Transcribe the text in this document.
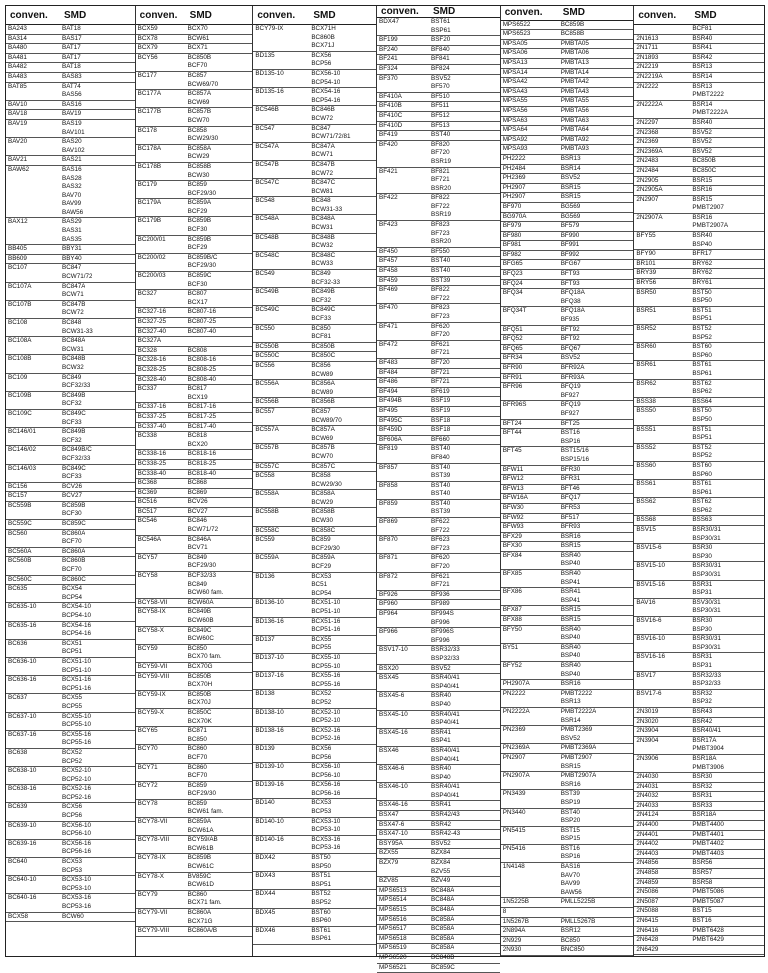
conven.	SMD
BA243	BAT18
BA314	BAS17
BA480	BAT17
BA481	BAT17
BA482	BAT18
BA483	BAS83
BAT85	BAT74
BAS56
BAV10	BAS16
BAV18	BAV19
BAV19	BAS19
BAV101
BAV20	BAS20
BAV102
BAV21	BAS21
BAW62	BAS16
BAS28
BAS32
BAV70
BAV99
BAW56
BAX12	BAS29
BAS31
BAS35
BB405	BBY31
BB609	BBY40
BC107	BC847
BCW71/72
BC107A	BC847A
BCW71
BC107B	BC847B
BCW72
BC108	BC848
BCW31-33
BC108A	BC848A
BCW31
BC108B	BC848B
BCW32
BC109	BC849
BCF32/33
BC109B	BC849B
BCF32
BC109C	BC849C
BCF33
BC146/01	BC849B
BCF32
BC146/02	BC849B/C
BCF32/33
BC146/03	BC849C
BCF33
BC156	BCV26
BC157	BCV27
BC559B	BC859B
BCF30
BC559C	BC859C
BC560	BC860A
BCF70
BC560A	BC860A
BC560B	BC860B
BCF70
BC560C	BC860C
BC635	BCX54
BCP54
BC635-10	BCX54-10
BCP54-10
BC635-16	BCX54-16
BCP54-16
BC636	BCX51
BCP51
BC636-10	BCX51-10
BCP51-10
BC636-16	BCX51-16
BCP51-16
BC637	BCX55
BCP55
BC637-10	BCX55-10
BCP55-10
BC637-16	BCX55-16
BCP55-16
BC638	BCX52
BCP52
BC638-10	BCX52-10
BCP52-10
BC638-16	BCX52-16
BCP52-16
BC639	BCX56
BCP56
BC639-10	BCX56-10
BCP56-10
BC639-16	BCX56-16
BCP56-16
BC640	BCX53
BCP53
BC640-10	BCX53-10
BCP53-10
BC640-16	BCX53-16
BCP53-16
BCX58	BCW60
conven.	SMD
BCX59	BCX70
BCX78	BCW61
BCX79	BCX71
BCY56	BC850B
BCF70
BC177	BC857
BCW69/70
BC177A	BC857A
BCW69
BC177B	BC857B
BCW70
BC178	BC858
BCW29/30
BC178A	BC858A
BCW29
BC178B	BC858B
BCW30
BC179	BC859
BCF29/30
BC179A	BC859A
BCF29
BC179B	BC859B
BCF30
BC200/01	BC859B
BCF29
BC200/02	BC859B/C
BCF29/30
BC200/03	BC859C
BCF30
BC327	BC807
BCX17
BC327-16	BC807-16
BC327-25	BC807-25
BC327-40	BC807-40
BC327A
BC328	BC808
BC328-16	BC808-16
BC328-25	BC808-25
BC328-40	BC808-40
BC337	BC817
BCX19
BC337-16	BC817-16
BC337-25	BC817-25
BC337-40	BC817-40
BC338	BC818
BCX20
BC338-16	BC818-16
BC338-25	BC818-25
BC338-40	BC818-40
BC368	BC868
BC369	BC869
BC516	BCV26
BC517	BCV27
BC546	BC846
BCW71/72
BC546A	BC846A
BCV71
BCY57	BC849
BCF29/30
BCY58	BCF32/33
BC849
BCW60 fam.
BCY58-VII	BCW60A
BCY58-IX	BC849B
BCW60B
BCY58-X	BC849C
BCW60C
BCY59	BC850
BCX70 fam.
BCY59-VII	BCX70G
BCY59-VIII	BC850B
BCX70H
BCY59-IX	BC850B
BCX70J
BCY59-X	BC850C
BCX70K
BCY65	BC871
BC850
BCY70	BC860
BCF70
BCY71	BC860
BCF70
BCY72	BC859
BCF29/30
BCY78	BC859
BCW61 fam.
BCY78-VII	BC859A
BCW61A
BCY78-VIII	BCY59/AB
BCW61B
BCY78-IX	BC859B
BCW61C
BCY78-X	BV859C
BCW61D
BCY79	BC860
BCX71 fam.
BCY79-VII	BC860A
BCX71G
BCY79-VIII	BC860A/B
conven.	SMD
BCY79-IX	BCX71H
BC860B
BCX71J
BD135	BCX56
BCP56
BD135-10	BCX56-10
BCP54-10
BD135-16	BCX54-16
BCP54-16
BC546B	BC846B
BCW72
BC547	BC847
BCW71/72/81
BC547A	BC847A
BCW71
BC547B	BC847B
BCW72
BC547C	BC847C
BCW81
BC548	BC848
BCW31-33
BC548A	BC848A
BCW31
BC548B	BC848B
BCW32
BC548C	BC848C
BCW33
BC549	BC849
BCF32-33
BC549B	BC849B
BCF32
BC549C	BC849C
BCF33
BC550	BC850
BCF81
BC550B	BC850B
BC550C	BC850C
BC556	BC856
BCW89
BC556A	BC856A
BCW89
BC556B	BC856B
BC557	BC857
BCW89/70
BC557A	BC857A
BCW69
BC557B	BC857B
BCW70
BC557C	BC857C
BC558	BC858
BCW29/30
BC558A	BC858A
BCW29
BC558B	BC858B
BCW30
BC558C	BC858C
BC559	BC859
BCF29/30
BC559A	BC859A
BCF29
BD136	BCX53
BC51
BCP54
BD136-10	BCX51-10
BCP51-10
BD136-16	BCX51-16
BCP51-16
BD137	BCX55
BCP55
BD137-10	BCX55-10
BCP55-10
BD137-16	BCX55-16
BCP55-16
BD138	BCX52
BCP52
BD138-10	BCX52-10
BCP52-10
BD138-16	BCX52-16
BCP52-16
BD139	BCX56
BCP56
BD139-10	BCX56-10
BCP56-10
BD139-16	BCX56-16
BCP56-16
BD140	BCX53
BCP53
BD140-10	BCX53-10
BCP53-10
BD140-16	BCX53-16
BCP53-16
BDX42	BST50
BSP50
BDX43	BST51
BSP51
BDX44	BST52
BSP52
BDX45	BST60
BSP60
BDX46	BST61
BSP61
conven.	SMD
BDX47	BST61
BSP61
BF199	BSF20
BF240	BF840
BF241	BF841
BF324	BF824
BF370	BSV52
BF570
BF410A	BF510
BF410B	BF511
BF410C	BF512
BF410D	BF513
BF419	BST40
BF420	BF820
BF720
BSR19
BF421	BF821
BF721
BSR20
BF422	BF822
BF722
BSR19
BF423	BF823
BF723
BSR20
BF450	BF550
BF457	BST40
BF458	BST40
BF459	BST39
BF469	BF822
BF722
BF470	BF823
BF723
BF471	BF620
BF720
BF472	BF621
BF721
BF483	BF720
BF484	BF721
BF486	BF721
BF494	BF619
BF494B	BSF19
BF495	BSF19
BF495C	BSF18
BF459D	BSF18
BF606A	BF660
BF819	BST40
BF840
BF857	BST40
BST39
BF858	BST40
BST40
BF859	BST40
BST39
BF869	BF622
BF722
BF870	BF623
BF723
BF871	BF620
BF720
BF872	BF621
BF721
BF926	BF936
BF960	BF989
BF964	BF994S
BF996
BF966	BF996S
BF996
BSV17-10	BSR32/33
BSP32/33
BSX20	BSV52
BSX45	BSR40/41
BSP40/41
BSX45-6	BSR40
BSP40
BSX45-10	BSR40/41
BSP40/41
BSX45-16	BSR41
BSP41
BSX46	BSR40/41
BSP40/41
BSX46-6	BSR40
BSP40
BSX46-10	BSR40/41
BSP40/41
BSX46-16	BSR41
BSX47	BSR42/43
BSX47-6	BSR42
BSX47-10	BSR42-43
BSY95A	BSV52
BZX55	BZX84
BZX79	BZX84
BZV55
BZV85	BZV49
MPS6513	BC848A
MPS6514	BC848A
MPS6515	BC848A
MPS6516	BC858A
MPS6517	BC858A
MPS6518	BC858A
MPS6519	BC858A
MPS6520	BC848B
MPS6521	BC859C
conven.	SMD
MPS6522	BC859B
MPS6523	BC858B
MPSA05	PMBTA05
MPSA06	PMBTA06
MPSA13	PMBTA13
MPSA14	PMBTA14
MPSA42	PMBTA42
MPSA43	PMBTA43
MPSA55	PMBTA55
MPSA56	PMBTA56
MPSA63	PMBTA63
MPSA64	PMBTA64
MPSA92	PMBTA92
MPSA93	PMBTA93
PH2222	BSR13
PH2484	BSR14
PH2369	BSV52
PH2907	BSR15
PH2907	BSR15
BF970	BG569
BG970A	BG569
BF979	BF579
BF980	BF990
BF981	BF991
BF982	BF992
BFG65	BFG67
BFQ23	BFT93
BFQ24	BFT93
BFQ34	BFQ18A
BFQ38
BFQ34T	BFQ18A
BF935
BFQ51	BFT92
BFQ52	BFT92
BFQ65	BFQ67
BFR34	BSV52
BFR90	BFR92A
BFR91	BFR93A
BFR96	BFQ19
BF927
BFR96S	BFQ19
BF927
BFT24	BFT25
BFT44	BST16
BSP16
BFT45	BST15/16
BSP15/16
BFW11	BFR30
BFW12	BFR31
BFW13	BFT46
BFW16A	BFQ17
BFW30	BFR53
BFW92	BF517
BFW93	BFR93
BFX29	BSR16
BFX30	BSR15
BFX84	BSR40
BSP40
BFX85	BSR40
BSP41
BFX86	BSR41
BSP41
BFX87	BSR15
BFX88	BSR15
BFY50	BSR40
BSP40
BY51	BSR40
BSP40
BFY52	BSR40
BSP40
PH2907A	BSR16
PN2222	PMBT2222
BSR13
PN2222A	PMBT2222A
BSR14
PN2369	PMBT2369
BSV52
PN2369A	PMBT2369A
PN2907	PMBT2907
BSR15
PN2907A	PMBT2907A
BSR16
PN3439	BST39
BSP19
PN3440	BST40
BSP20
PN5415	BST15
BSP15
PN5416	BST16
BSP16
1N4148	BAS16
BAV70
BAV99
BAW56
1N5225B	PMLL5225B
8
1N5267B	PMLL5267B
2N894A	BSR12
2N929	BC850
2N930	BNC850
conven.	SMD
BCF81
2N1613	BSR40
2N1711	BSR41
2N1893	BSR42
2N2219	BSR13
2N2219A	BSR14
2N2222	BSR13
PMBT2222
2N2222A	BSR14
PMBT2222A
2N2297	BSR40
2N2368	BSV52
2N2369	BSV52
2N2369A	BSV52
2N2483	BC850B
2N2484	BC850C
2N2905	BSR15
2N2905A	BSR16
2N2907	BSR15
PMBT2907
2N2907A	BSR16
PMBT2907A
BFY55	BSR40
BSP40
BFY90	BFR17
BR101	BRY62
BRY39	BRY62
BRY56	BRY61
BSR50	BST50
BSP50
BSR51	BST51
BSP51
BSR52	BST52
BSP52
BSR60	BST60
BSP60
BSR61	BST61
BSP61
BSR62	BST62
BSP62
BSS38	BSS64
BSS50	BST50
BSP50
BSS51	BST51
BSP51
BSS52	BST52
BSP52
BSS60	BST60
BSP60
BSS61	BST61
BSP61
BSS62	BST62
BSP62
BSS68	BSS63
BSV15	BSR30/31
BSP30/31
BSV15-6	BSR30
BSP30
BSV15-10	BSR30/31
BSP30/31
BSV15-16	BSR31
BSP31
BAV16	BSV30/31
BSP30/31
BSV16-6	BSR30
BSP30
BSV16-10	BSR30/31
BSP30/31
BSV16-16	BSR31
BSP31
BSV17	BSR32/33
BSP32/33
BSV17-6	BSR32
BSP32
2N3019	BSR43
2N3020	BSR42
2N3904	BSR40/41
2N3904	BSR17A
PMBT3904
2N3906	BSR18A
PMBT3906
2N4030	BSR30
2N4031	BSR32
2N4032	BSR31
2N4033	BSR33
2N4124	BSR18A
2N4400	PMBT4400
2N4401	PMBT4401
2N4402	PMBT4402
2N4403	PMBT4403
2N4856	BSR56
2N4858	BSR57
2N4859	BSR58
2N5086	PMBT5086
2N5087	PMBT5087
2N5088	BST15
2N6415	BST16
2N6416	PMBT6428
2N6428	PMBT6429
2N6429
